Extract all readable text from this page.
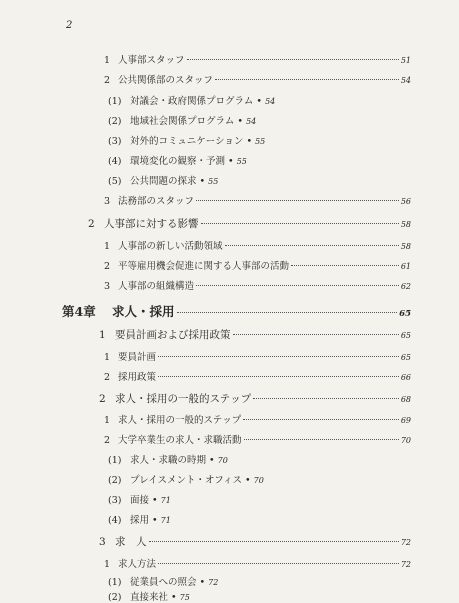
2
1 人事部スタッフ	51
2 公共関係部のスタッフ	54
(1) 対議会・政府関係プログラム • 54
(2) 地域社会関係プログラム • 54
(3) 対外的コミュニケーション • 55
(4) 環境変化の観察・予測 • 55
(5) 公共問題の探求 • 55
3 法務部のスタッフ	56
2 人事部に対する影響	58
1 人事部の新しい活動領域	58
2 平等雇用機会促進に関する人事部の活動	61
3 人事部の組織構造	62
第4章	求人・採用	65
1 要員計画および採用政策	65
1 要員計画	65
2 採用政策	66
2 求人・採用の一般的ステップ	68
1 求人・採用の一般的ステップ	69
2 大学卒業生の求人・求職活動	70
(1) 求人・求職の時期 • 70
(2) プレイスメント・オフィス • 70
(3) 面接 • 71
(4) 採用 • 71
3 求　人	72
1 求人方法	72
(1) 従業員への照会 • 72
(2) 直接来社 • 75
